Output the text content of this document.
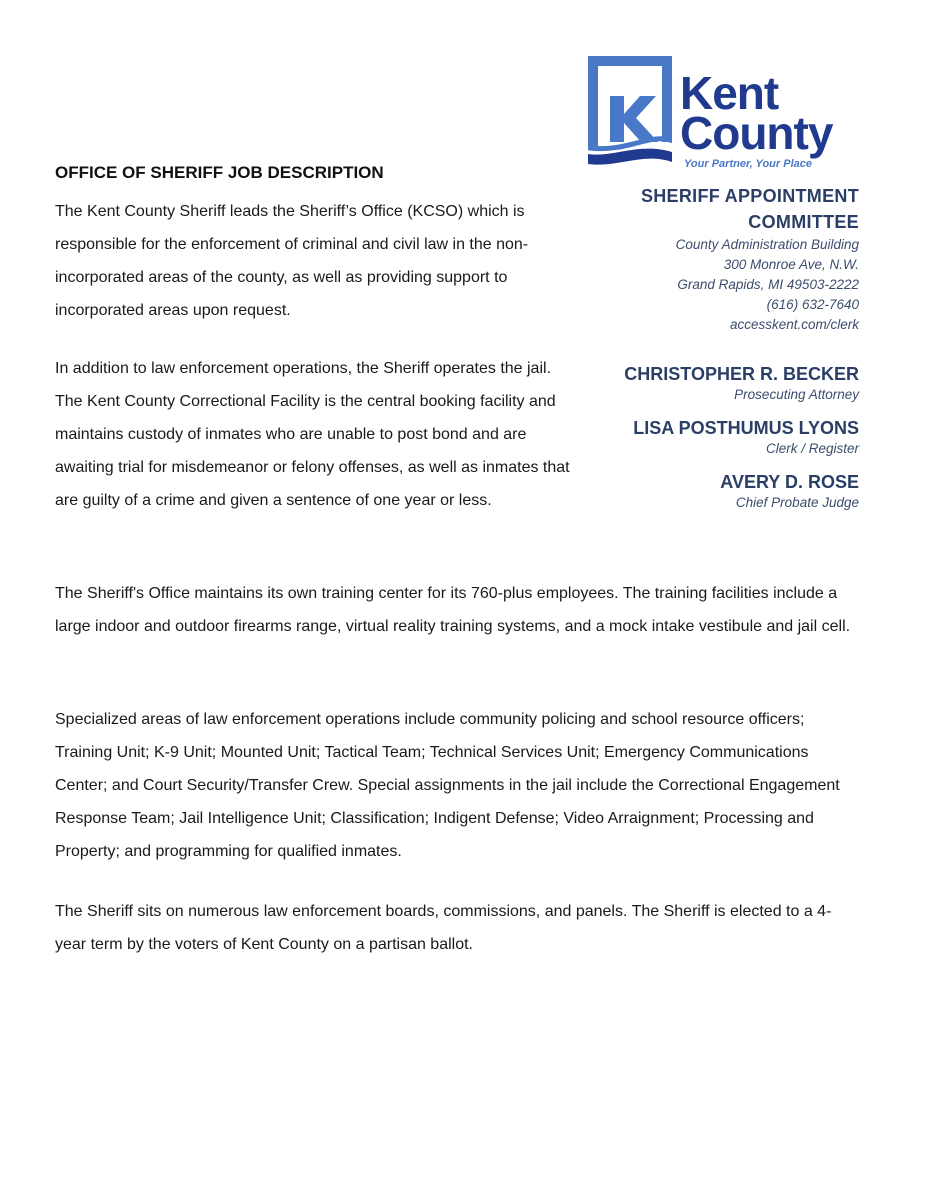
Kent
County
Your Partner, Your Place
SHERIFF APPOINTMENT
COMMITTEE
County Administration Building
300 Monroe Ave, N.W.
Grand Rapids, MI 49503-2222
(616) 632-7640
accesskent.com/clerk
CHRISTOPHER R. BECKER
Prosecuting Attorney
LISA POSTHUMUS LYONS
Clerk / Register
AVERY D. ROSE
Chief Probate Judge
OFFICE OF SHERIFF JOB DESCRIPTION
The Kent County Sheriff leads the Sheriff’s Office (KCSO) which is responsible for the enforcement of criminal and civil law in the non-incorporated areas of the county, as well as providing support to incorporated areas upon request.
In addition to law enforcement operations, the Sheriff operates the jail. The Kent County Correctional Facility is the central booking facility and maintains custody of inmates who are unable to post bond and are awaiting trial for misdemeanor or felony offenses, as well as inmates that are guilty of a crime and given a sentence of one year or less.
The Sheriff's Office maintains its own training center for its 760-plus employees. The training facilities include a large indoor and outdoor firearms range, virtual reality training systems, and a mock intake vestibule and jail cell.
Specialized areas of law enforcement operations include community policing and school resource officers; Training Unit; K-9 Unit; Mounted Unit; Tactical Team; Technical Services Unit; Emergency Communications Center; and Court Security/Transfer Crew. Special assignments in the jail include the Correctional Engagement Response Team; Jail Intelligence Unit; Classification; Indigent Defense; Video Arraignment; Processing and Property; and programming for qualified inmates.
The Sheriff sits on numerous law enforcement boards, commissions, and panels. The Sheriff is elected to a 4-year term by the voters of Kent County on a partisan ballot.
